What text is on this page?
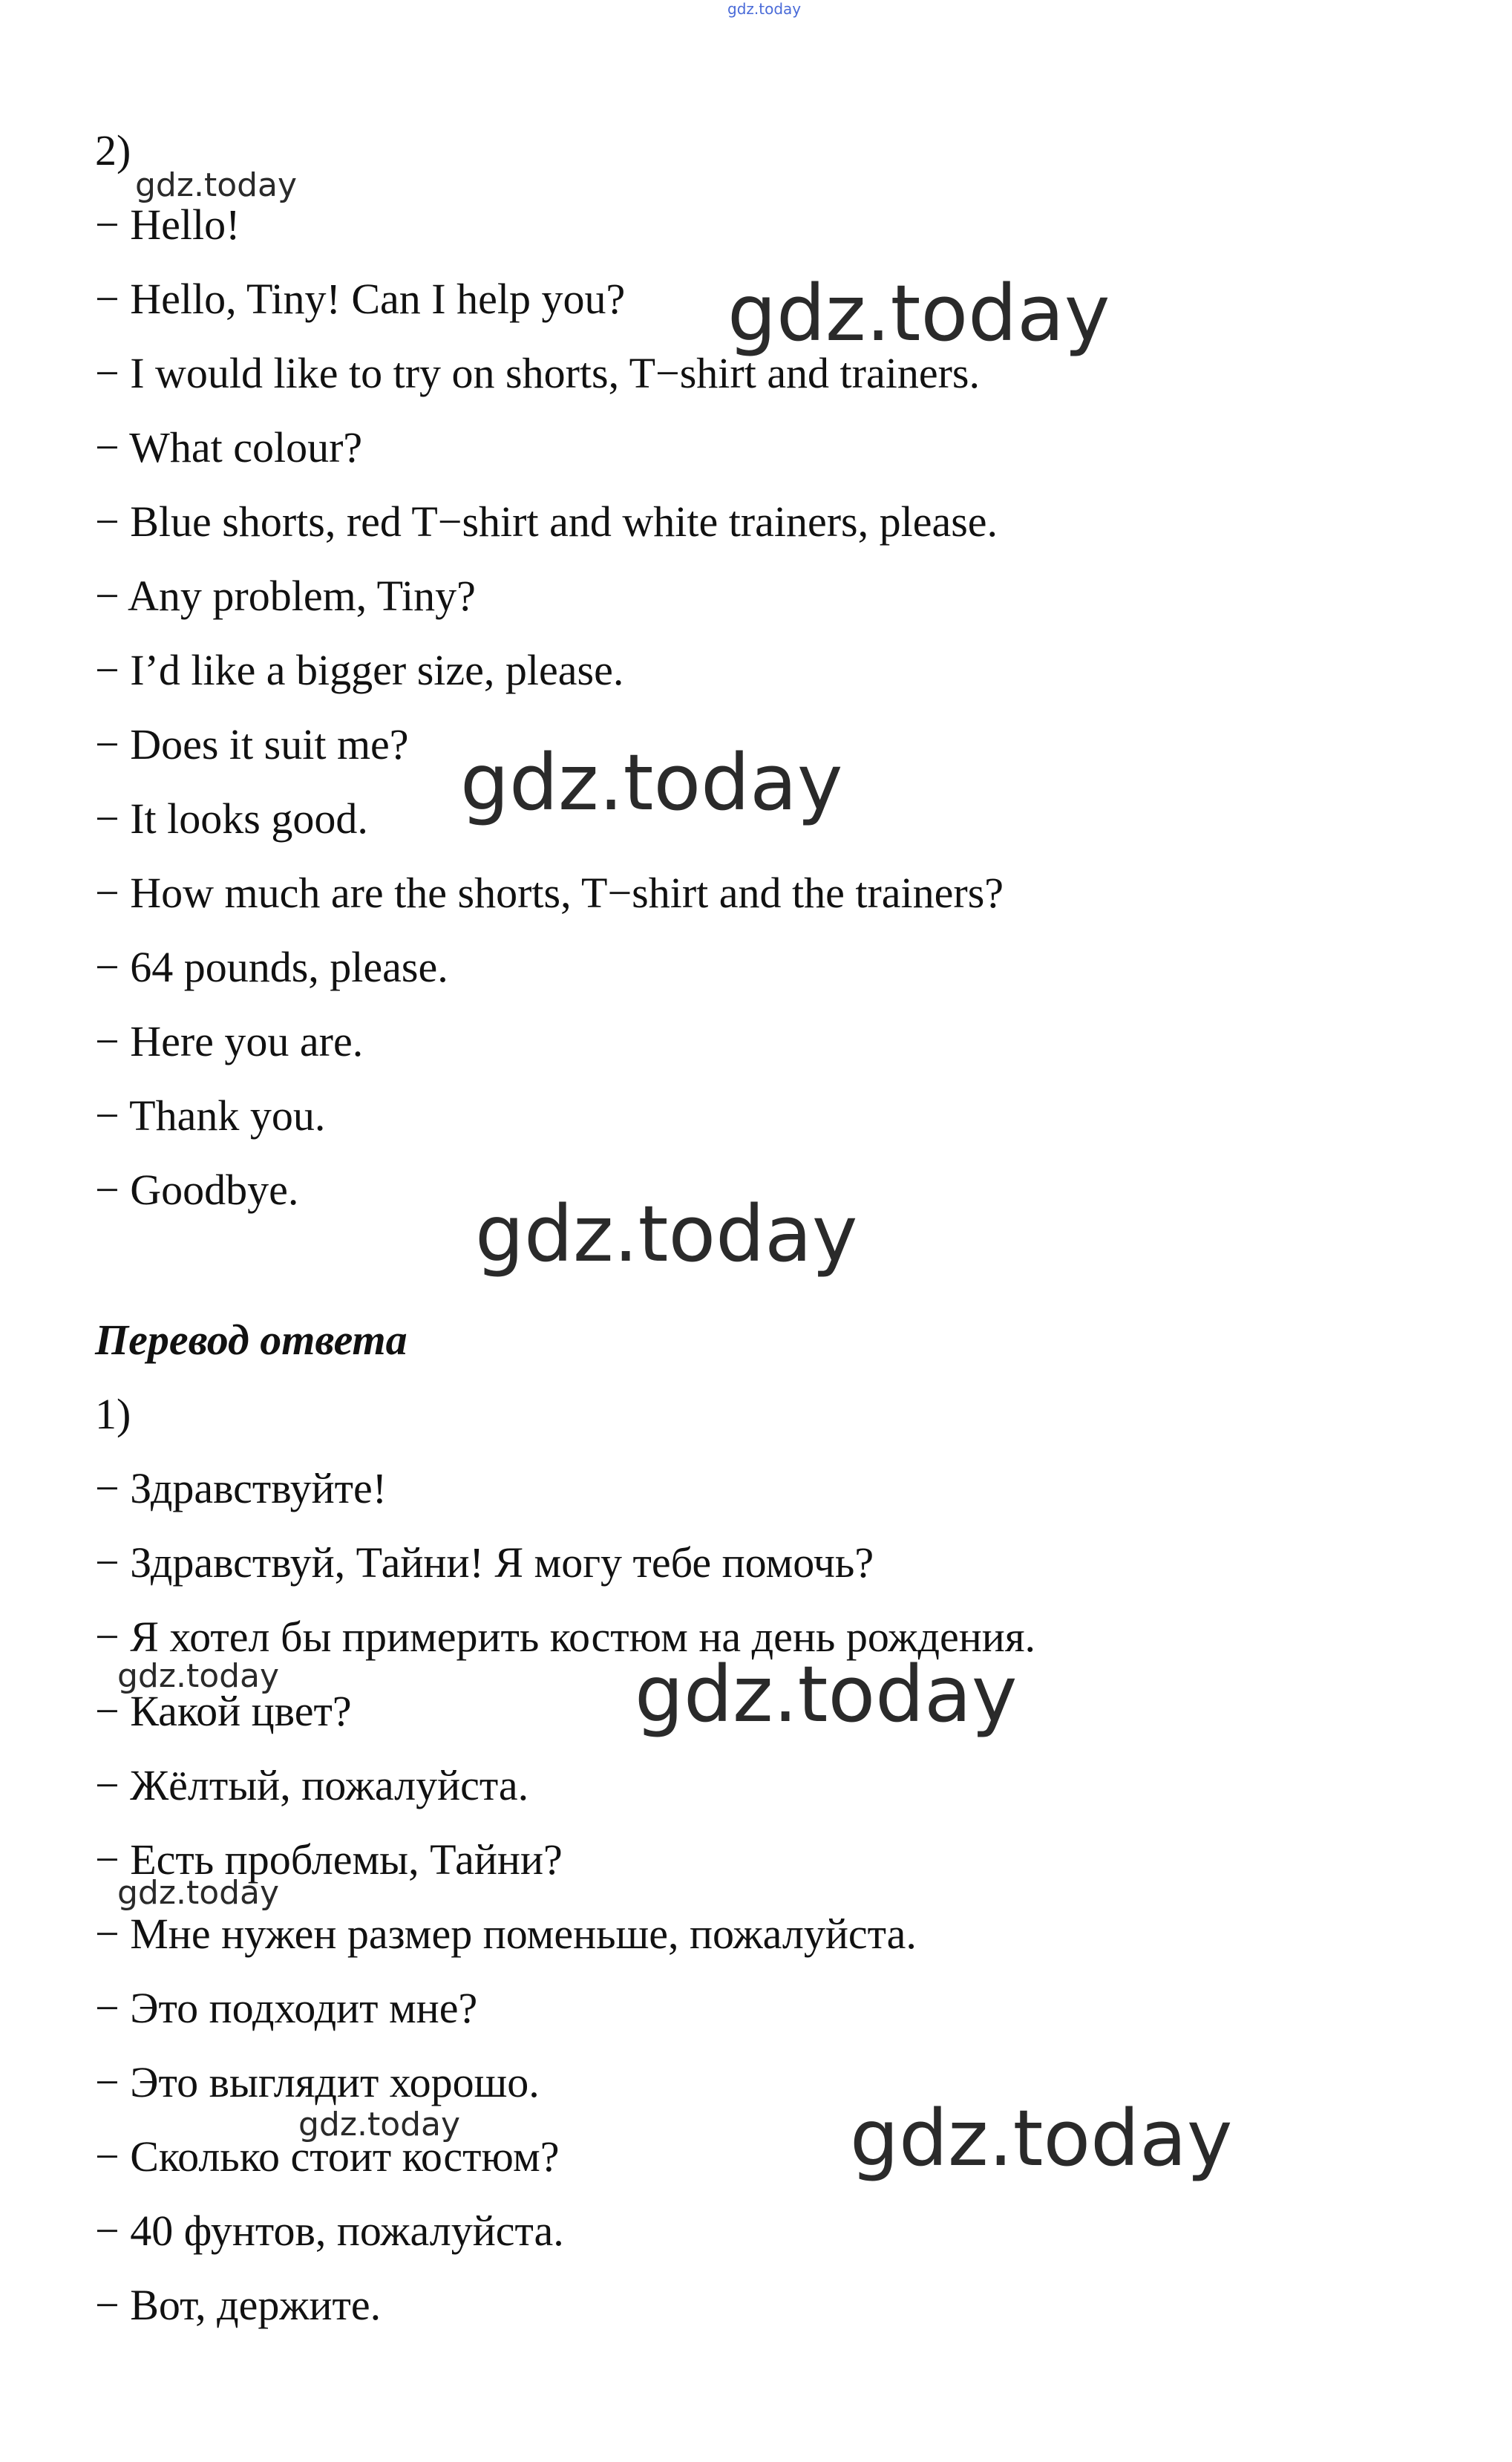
2)
− Hello!
− Hello, Tiny! Can I help you?
− I would like to try on shorts, T−shirt and trainers.
− What colour?
− Blue shorts, red T−shirt and white trainers, please.
− Any problem, Tiny?
− I’d like a bigger size, please.
− Does it suit me?
− It looks good.
− How much are the shorts, T−shirt and the trainers?
− 64 pounds, please.
− Here you are.
− Thank you.
− Goodbye.
Перевод ответа
1)
− Здравствуйте!
− Здравствуй, Тайни! Я могу тебе помочь?
− Я хотел бы примерить костюм на день рождения.
− Какой цвет?
− Жёлтый, пожалуйста.
− Есть проблемы, Тайни?
− Мне нужен размер поменьше, пожалуйста.
− Это подходит мне?
− Это выглядит хорошо.
− Сколько стоит костюм?
− 40 фунтов, пожалуйста.
− Вот, держите.
gdz.today
gdz.today
gdz.today
gdz.today
gdz.today
gdz.today	gdz.today
gdz.today
gdz.today	gdz.today
